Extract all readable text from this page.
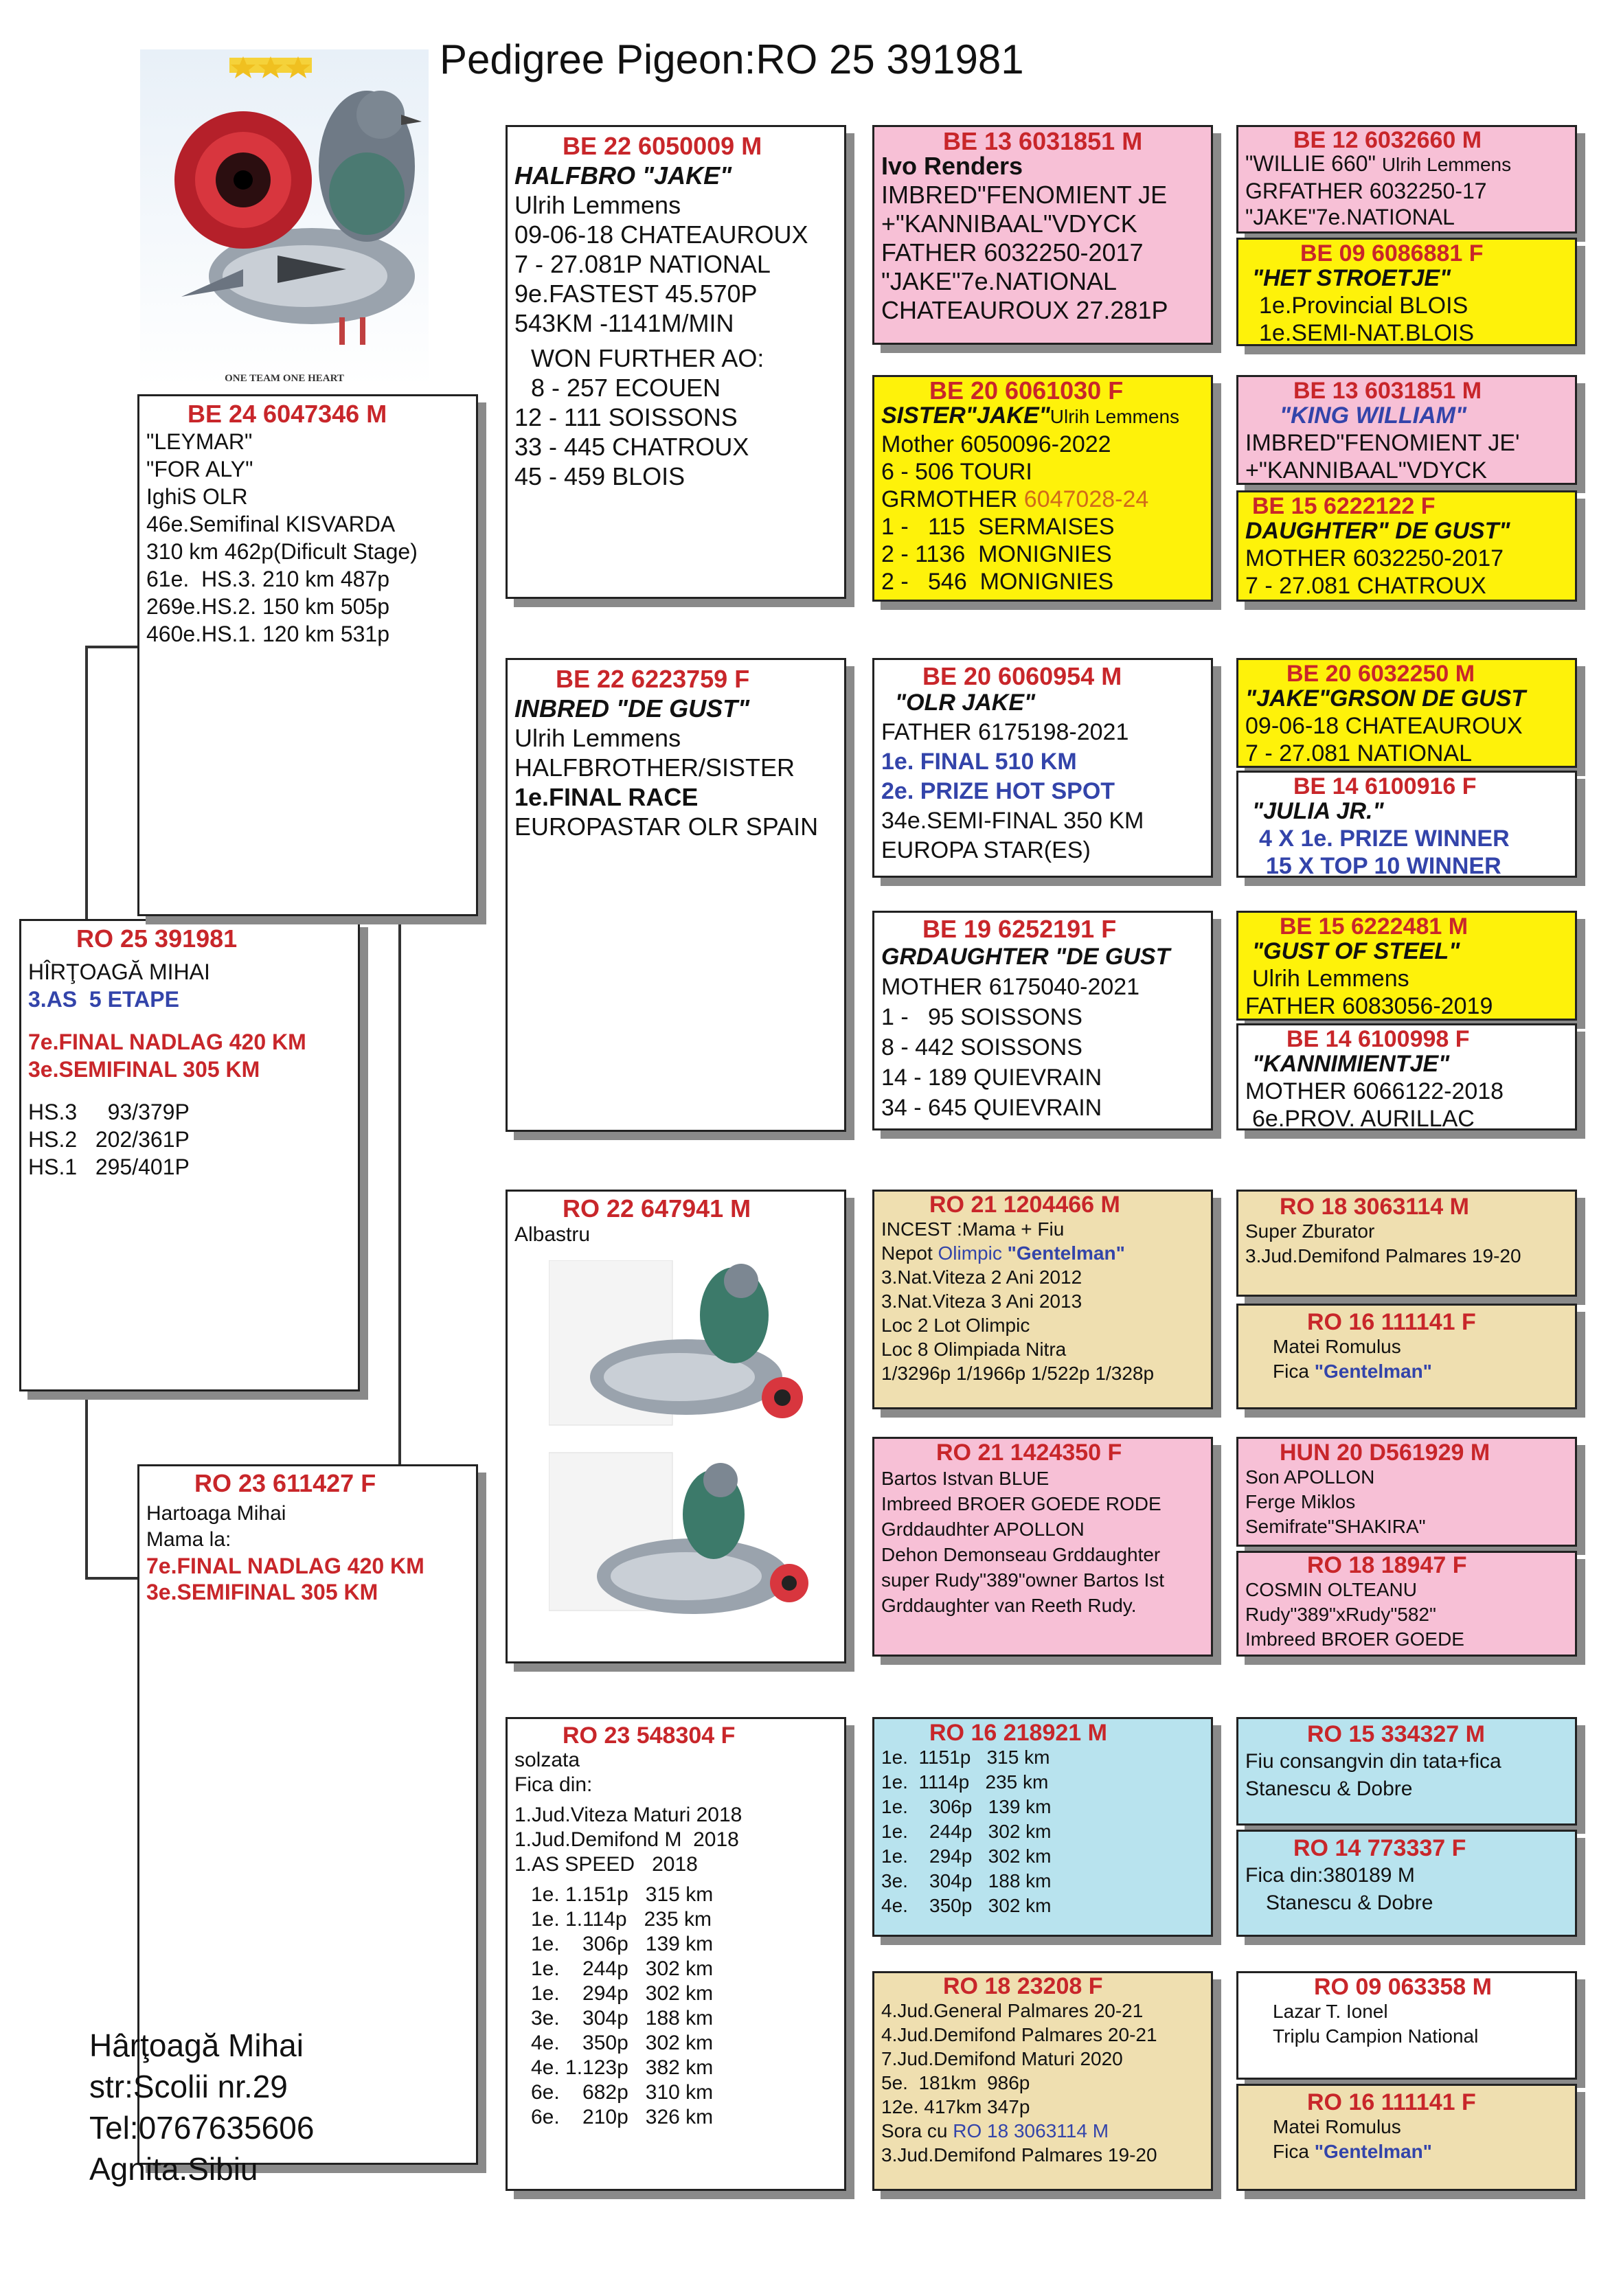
Pedigree Pigeon:RO 25 391981
ONE TEAM ONE HEART
RO 25 391981
HÎRŢOAGĂ MIHAI
3.AS  5 ETAPE
7e.FINAL NADLAG 420 KM
3e.SEMIFINAL 305 KM
HS.3     93/379P
HS.2   202/361P
HS.1   295/401P
BE 24 6047346 M
"LEYMAR"
"FOR ALY"
IghiS OLR
46e.Semifinal KISVARDA
310 km 462p(Dificult Stage)
61e.  HS.3. 210 km 487p
269e.HS.2. 150 km 505p
460e.HS.1. 120 km 531p
RO 23 611427 F
Hartoaga Mihai
Mama la:
7e.FINAL NADLAG 420 KM
3e.SEMIFINAL 305 KM
BE 22 6050009 M
HALFBRO "JAKE"
Ulrih Lemmens
09-06-18 CHATEAUROUX
7 - 27.081P NATIONAL
9e.FASTEST 45.570P
543KM -1141M/MIN
WON FURTHER AO:
8 - 257 ECOUEN
12 - 111 SOISSONS
33 - 445 CHATROUX
45 - 459 BLOIS
BE 22 6223759 F
INBRED "DE GUST"
Ulrih Lemmens
HALFBROTHER/SISTER
1e.FINAL RACE
EUROPASTAR OLR SPAIN
RO 22 647941 M
Albastru
RO 23 548304 F
solzata
Fica din:
1.Jud.Viteza Maturi 2018
1.Jud.Demifond M  2018
1.AS SPEED   2018
1e. 1.151p   315 km
1e. 1.114p   235 km
1e.    306p   139 km
1e.    244p   302 km
1e.    294p   302 km
3e.    304p   188 km
4e.    350p   302 km
4e. 1.123p   382 km
6e.    682p   310 km
6e.    210p   326 km
BE 13 6031851 M
Ivo Renders
IMBRED"FENOMIENT JE
+"KANNIBAAL"VDYCK
FATHER 6032250-2017
"JAKE"7e.NATIONAL
CHATEAUROUX 27.281P
BE 20 6061030 F
SISTER"JAKE"Ulrih Lemmens
Mother 6050096-2022
6 - 506 TOURI
GRMOTHER 6047028-24
1 -   115  SERMAISES
2 - 1136  MONIGNIES
2 -   546  MONIGNIES
BE 20 6060954 M
"OLR JAKE"
FATHER 6175198-2021
1e. FINAL 510 KM
2e. PRIZE HOT SPOT
34e.SEMI-FINAL 350 KM
EUROPA STAR(ES)
BE 19 6252191 F
GRDAUGHTER "DE GUST
MOTHER 6175040-2021
1 -   95 SOISSONS
8 - 442 SOISSONS
14 - 189 QUIEVRAIN
34 - 645 QUIEVRAIN
RO 21 1204466 M
INCEST :Mama + Fiu
Nepot Olimpic "Gentelman"
3.Nat.Viteza 2 Ani 2012
3.Nat.Viteza 3 Ani 2013
Loc 2 Lot Olimpic
Loc 8 Olimpiada Nitra
1/3296p 1/1966p 1/522p 1/328p
RO 21 1424350 F
Bartos Istvan BLUE
Imbreed BROER GOEDE RODE
Grddaudhter APOLLON
Dehon Demonseau Grddaughter
super Rudy"389"owner Bartos Ist
Grddaughter van Reeth Rudy.
RO 16 218921 M
1e.  1151p   315 km
1e.  1114p   235 km
1e.    306p   139 km
1e.    244p   302 km
1e.    294p   302 km
3e.    304p   188 km
4e.    350p   302 km
RO 18 23208 F
4.Jud.General Palmares 20-21
4.Jud.Demifond Palmares 20-21
7.Jud.Demifond Maturi 2020
5e.  181km  986p
12e. 417km 347p
Sora cu RO 18 3063114 M
3.Jud.Demifond Palmares 19-20
BE 12 6032660 M
"WILLIE 660" Ulrih Lemmens
GRFATHER 6032250-17
"JAKE"7e.NATIONAL
BE 09 6086881 F
"HET STROETJE"
1e.Provincial BLOIS
1e.SEMI-NAT.BLOIS
BE 13 6031851 M
"KING WILLIAM"
IMBRED"FENOMIENT JE'
+"KANNIBAAL"VDYCK
BE 15 6222122 F
DAUGHTER" DE GUST"
MOTHER 6032250-2017
7 - 27.081 CHATROUX
BE 20 6032250 M
"JAKE"GRSON DE GUST
09-06-18 CHATEAUROUX
7 - 27.081 NATIONAL
BE 14 6100916 F
"JULIA JR."
4 X 1e. PRIZE WINNER
15 X TOP 10 WINNER
BE 15 6222481 M
"GUST OF STEEL"
Ulrih Lemmens
FATHER 6083056-2019
BE 14 6100998 F
"KANNIMIENTJE"
MOTHER 6066122-2018
6e.PROV. AURILLAC
RO 18 3063114 M
Super Zburator
3.Jud.Demifond Palmares 19-20
RO 16 111141 F
Matei Romulus
Fica "Gentelman"
HUN 20 D561929 M
Son APOLLON
Ferge Miklos
Semifrate"SHAKIRA"
RO 18 18947 F
COSMIN OLTEANU
Rudy"389"xRudy"582"
Imbreed BROER GOEDE
RO 15 334327 M
Fiu consangvin din tata+fica
Stanescu & Dobre
RO 14 773337 F
Fica din:380189 M
Stanescu & Dobre
RO 09 063358 M
Lazar T. Ionel
Triplu Campion National
RO 16 111141 F
Matei Romulus
Fica "Gentelman"
Hârţoagă Mihai
str:Scolii nr.29
Tel:0767635606
Agnita.Sibiu
